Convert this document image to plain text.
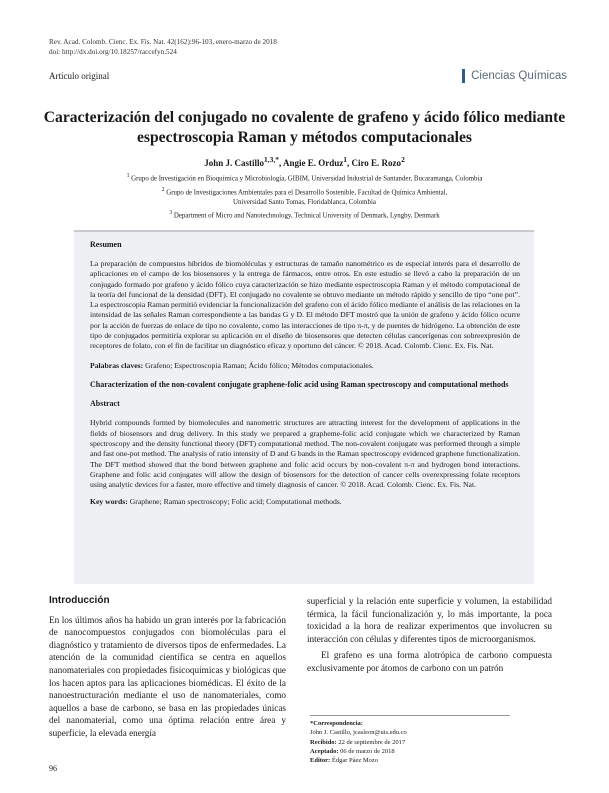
Rev. Acad. Colomb. Cienc. Ex. Fis. Nat. 42(162):96-103, enero-marzo de 2018
doi: http://dx.doi.org/10.18257/raccefyn.524
Artículo original	Ciencias Químicas
Caracterización del conjugado no covalente de grafeno y ácido fólico mediante espectroscopia Raman y métodos computacionales
John J. Castillo$^{1,3,*}$, Angie E. Orduz$^1$, Ciro E. Rozo$^2$
$^1$ Grupo de Investigación en Bioquímica y Microbiología, GIBIM, Universidad Industrial de Santander, Bucaramanga, Colombia
$^2$ Grupo de Investigaciones Ambientales para el Desarrollo Sostenible, Facultad de Química Ambiental,
Universidad Santo Tomas, Floridablanca, Colombia
$^3$ Department of Micro and Nanotechnology, Technical University of Denmark, Lyngby, Denmark
Resumen
La preparación de compuestos híbridos de biomoléculas y estructuras de tamaño nanométrico es de especial interés para el desarrollo de aplicaciones en el campo de los biosensores y la entrega de fármacos, entre otros. En este estudio se llevó a cabo la preparación de un conjugado formado por grafeno y ácido fólico cuya caracterización se hizo mediante espectroscopia Raman y el método computacional de la teoría del funcional de la densidad (DFT). El conjugado no covalente se obtuvo mediante un método rápido y sencillo de tipo “one pot”. La espectroscopia Raman permitió evidenciar la funcionalización del grafeno con el ácido fólico mediante el análisis de las relaciones en la intensidad de las señales Raman correspondiente a las bandas G y D. El método DFT mostró que la unión de grafeno y ácido fólico ocurre por la acción de fuerzas de enlace de tipo no covalente, como las interacciones de tipo π-π, y de puentes de hidrógeno. La obtención de este tipo de conjugados permitiría explorar su aplicación en el diseño de biosensores que detecten células cancerígenas con sobreexpresión de receptores de folato, con el fin de facilitar un diagnóstico eficaz y oportuno del cáncer. © 2018. Acad. Colomb. Cienc. Ex. Fis. Nat.
Palabras claves: Grafeno; Espectroscopia Raman; Ácido fólico; Métodos computacionales.
Characterization of the non-covalent conjugate graphene-folic acid using Raman spectroscopy and computational methods
Abstract
Hybrid compounds formed by biomolecules and nanometric structures are attracting interest for the development of applications in the fields of biosensors and drug delivery. In this study we prepared a grapheme-folic acid conjugate which we characterized by Raman spectroscopy and the density functional theory (DFT) computational method. The non-covalent conjugate was performed through a simple and fast one-pot method. The analysis of ratio intensity of D and G bands in the Raman spectroscopy evidenced graphene functionalization. The DFT method showed that the bond between graphene and folic acid occurs by non-covalent π-π and hydrogen bond interactions. Graphene and folic acid conjugates will allow the design of biosensors for the detection of cancer cells overexpressing folate receptors using analytic devices for a faster, more effective and timely diagnosis of cancer. © 2018. Acad. Colomb. Cienc. Ex. Fis. Nat.
Key words: Graphene; Raman spectroscopy; Folic acid; Computational methods.
Introducción
En los últimos años ha habido un gran interés por la fabricación de nanocompuestos conjugados con biomoléculas para el diagnóstico y tratamiento de diversos tipos de enfermedades. La atención de la comunidad científica se centra en aquellos nanomateriales con propiedades fisicoquímicas y biológicas que los hacen aptos para las aplicaciones biomédicas. El éxito de la nanoestructuración mediante el uso de nanomateriales, como aquellos a base de carbono, se basa en las propiedades únicas del nanomaterial, como una óptima relación entre área y superficie, la elevada energía
superficial y la relación ente superficie y volumen, la estabilidad térmica, la fácil funcionalización y, lo más importante, la poca toxicidad a la hora de realizar experimentos que involucren su interacción con células y diferentes tipos de microorganismos.
El grafeno es una forma alotrópica de carbono compuesta exclusivamente por átomos de carbono con un patrón
*Correspondencia:
John J. Castillo, jcasleon@uis.edu.co
Recibido: 22 de septiembre de 2017
Aceptado: 06 de marzo de 2018
Editor: Édgar Páez Mozo
96
